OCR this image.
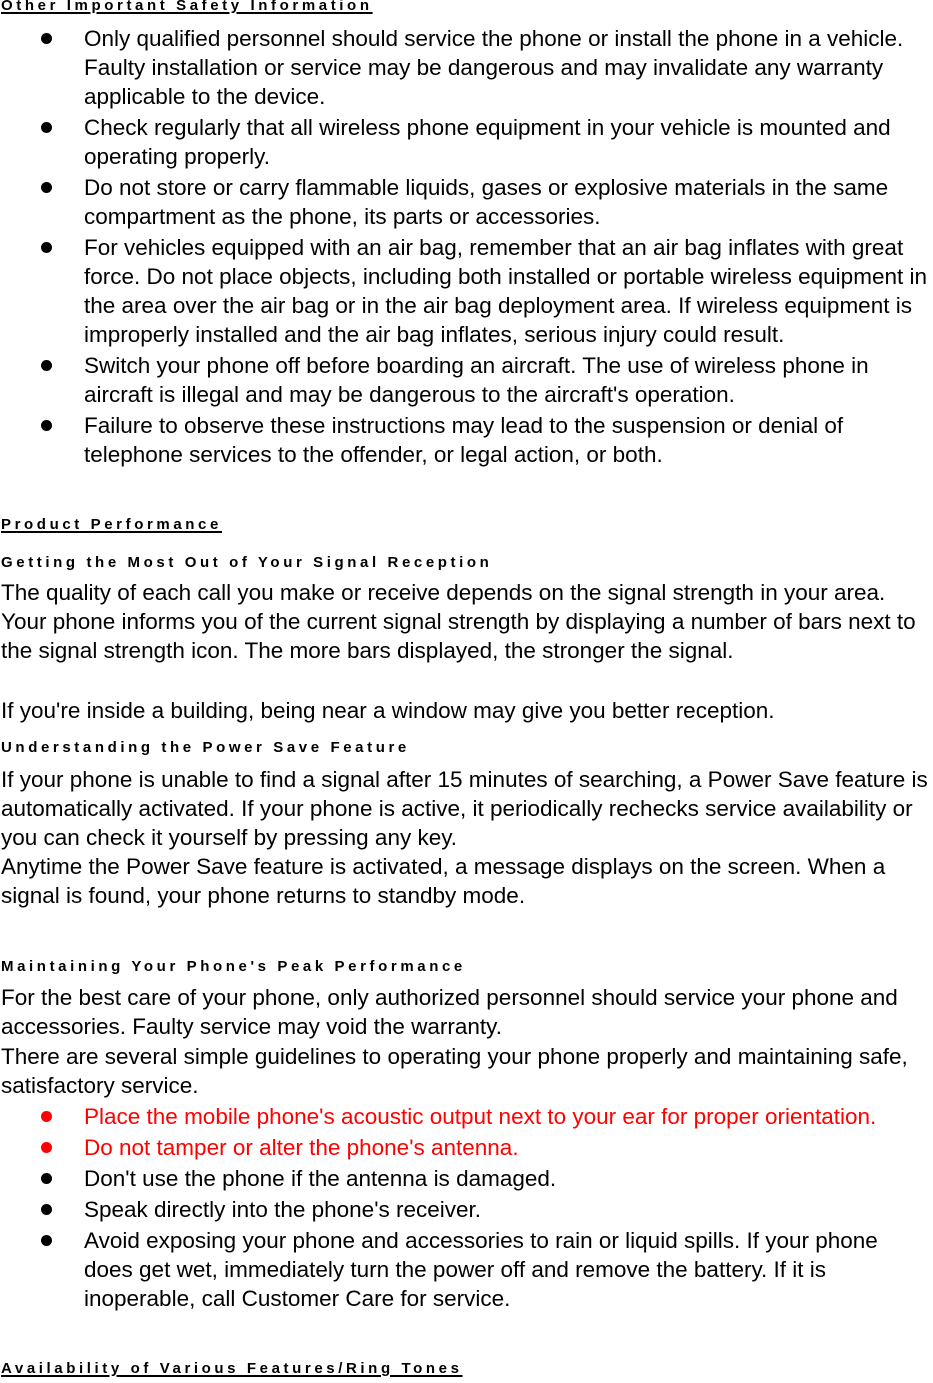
Other Important Safety Information
Only qualified personnel should service the phone or install the phone in a vehicle. Faulty installation or service may be dangerous and may invalidate any warranty applicable to the device.
Check regularly that all wireless phone equipment in your vehicle is mounted and operating properly.
Do not store or carry flammable liquids, gases or explosive materials in the same compartment as the phone, its parts or accessories.
For vehicles equipped with an air bag, remember that an air bag inflates with great force. Do not place objects, including both installed or portable wireless equipment in the area over the air bag or in the air bag deployment area. If wireless equipment is improperly installed and the air bag inflates, serious injury could result.
Switch your phone off before boarding an aircraft. The use of wireless phone in aircraft is illegal and may be dangerous to the aircraft's operation.
Failure to observe these instructions may lead to the suspension or denial of telephone services to the offender, or legal action, or both.
Product Performance
Getting the Most Out of Your Signal Reception

The quality of each call you make or receive depends on the signal strength in your area. Your phone informs you of the current signal strength by displaying a number of bars next to the signal strength icon. The more bars displayed, the stronger the signal.

If you're inside a building, being near a window may give you better reception.

Understanding the Power Save Feature

If your phone is unable to find a signal after 15 minutes of searching, a Power Save feature is automatically activated. If your phone is active, it periodically rechecks service availability or you can check it yourself by pressing any key.

Anytime the Power Save feature is activated, a message displays on the screen. When a signal is found, your phone returns to standby mode.

Maintaining Your Phone's Peak Performance

For the best care of your phone, only authorized personnel should service your phone and accessories. Faulty service may void the warranty.

There are several simple guidelines to operating your phone properly and maintaining safe, satisfactory service.

Place the mobile phone's acoustic output next to your ear for proper orientation.
Do not tamper or alter the phone's antenna.
Don't use the phone if the antenna is damaged.
Speak directly into the phone's receiver.
Avoid exposing your phone and accessories to rain or liquid spills. If your phone does get wet, immediately turn the power off and remove the battery. If it is inoperable, call Customer Care for service.
Availability of Various Features/Ring Tones
